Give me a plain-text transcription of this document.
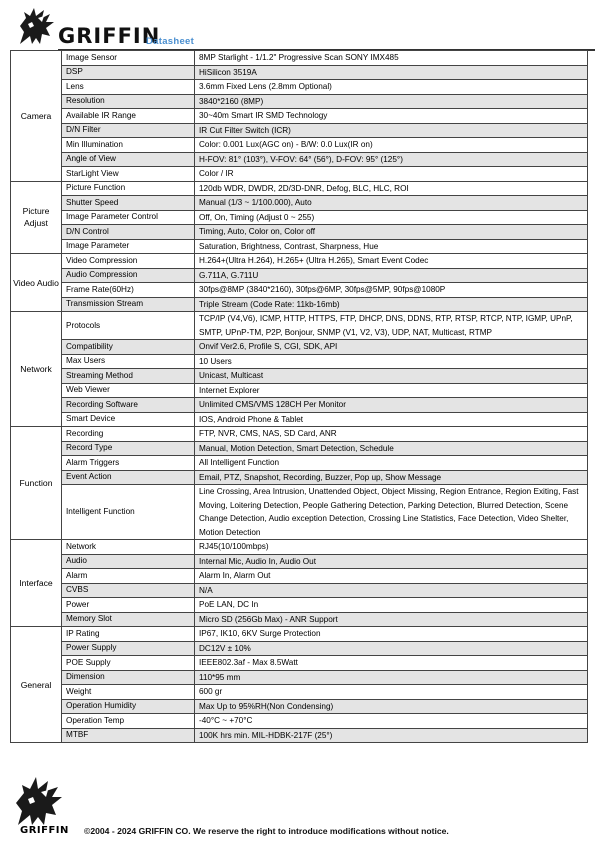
GRIFFIN
Datasheet
Camera	Image Sensor	8MP Starlight - 1/1.2" Progressive Scan SONY IMX485
	DSP	HiSilicon 3519A
	Lens	3.6mm Fixed Lens (2.8mm Optional)
	Resolution	3840*2160 (8MP)
	Available IR Range	30~40m Smart IR SMD Technology
	D/N Filter	IR Cut Filter Switch (ICR)
	Min Illumination	Color: 0.001 Lux(AGC on) - B/W: 0.0 Lux(IR on)
	Angle of View	H-FOV: 81° (103°), V-FOV: 64° (56°), D-FOV: 95° (125°)
	StarLight View	Color / IR
Picture Adjust	Picture Function	120db WDR, DWDR, 2D/3D-DNR, Defog, BLC, HLC, ROI
	Shutter Speed	Manual (1/3 ~ 1/100.000), Auto
	Image Parameter Control	Off, On, Timing (Adjust 0 ~ 255)
	D/N Control	Timing, Auto, Color on, Color off
	Image Parameter	Saturation, Brightness, Contrast, Sharpness, Hue
Video Audio	Video Compression	H.264+(Ultra H.264), H.265+ (Ultra H.265), Smart Event Codec
	Audio Compression	G.711A, G.711U
	Frame Rate(60Hz)	30fps@8MP (3840*2160), 30fps@6MP, 30fps@5MP, 90fps@1080P
	Transmission Stream	Triple Stream (Code Rate: 11kb-16mb)
Network	Protocols	TCP/IP (V4,V6), ICMP, HTTP, HTTPS, FTP, DHCP, DNS, DDNS, RTP, RTSP, RTCP, NTP, IGMP, UPnP, SMTP, UPnP-TM, P2P, Bonjour, SNMP (V1, V2, V3), UDP, NAT, Multicast, RTMP
	Compatibility	Onvif Ver2.6, Profile S, CGI, SDK, API
	Max Users	10 Users
	Streaming Method	Unicast, Multicast
	Web Viewer	Internet Explorer
	Recording Software	Unlimited CMS/VMS 128CH Per Monitor
	Smart Device	IOS, Android Phone & Tablet
Function	Recording	FTP, NVR, CMS, NAS, SD Card, ANR
	Record Type	Manual, Motion Detection, Smart Detection, Schedule
	Alarm Triggers	All Intelligent Function
	Event Action	Email, PTZ, Snapshot, Recording, Buzzer, Pop up, Show Message
	Intelligent Function	Line Crossing, Area Intrusion, Unattended Object, Object Missing, Region Entrance, Region Exiting, Fast Moving, Loitering Detection, People Gathering Detection, Parking Detection, Blurred Detection, Scene Change Detection, Audio exception Detection, Crossing Line Statistics, Face Detection, Video Shelter, Motion Detection
Interface	Network	RJ45(10/100mbps)
	Audio	Internal Mic, Audio In, Audio Out
	Alarm	Alarm In, Alarm Out
	CVBS	N/A
	Power	PoE LAN, DC In
	Memory Slot	Micro SD (256Gb Max) - ANR Support
General	IP Rating	IP67, IK10, 6KV Surge Protection
	Power Supply	DC12V ± 10%
	POE Supply	IEEE802.3af - Max 8.5Watt
	Dimension	110*95 mm
	Weight	600 gr
	Operation Humidity	Max Up to 95%RH(Non Condensing)
	Operation Temp	-40°C ~ +70°C
	MTBF	100K hrs min. MIL-HDBK-217F (25°)
GRIFFIN ©2004 - 2024 GRIFFIN CO. We reserve the right to introduce modifications without notice.
